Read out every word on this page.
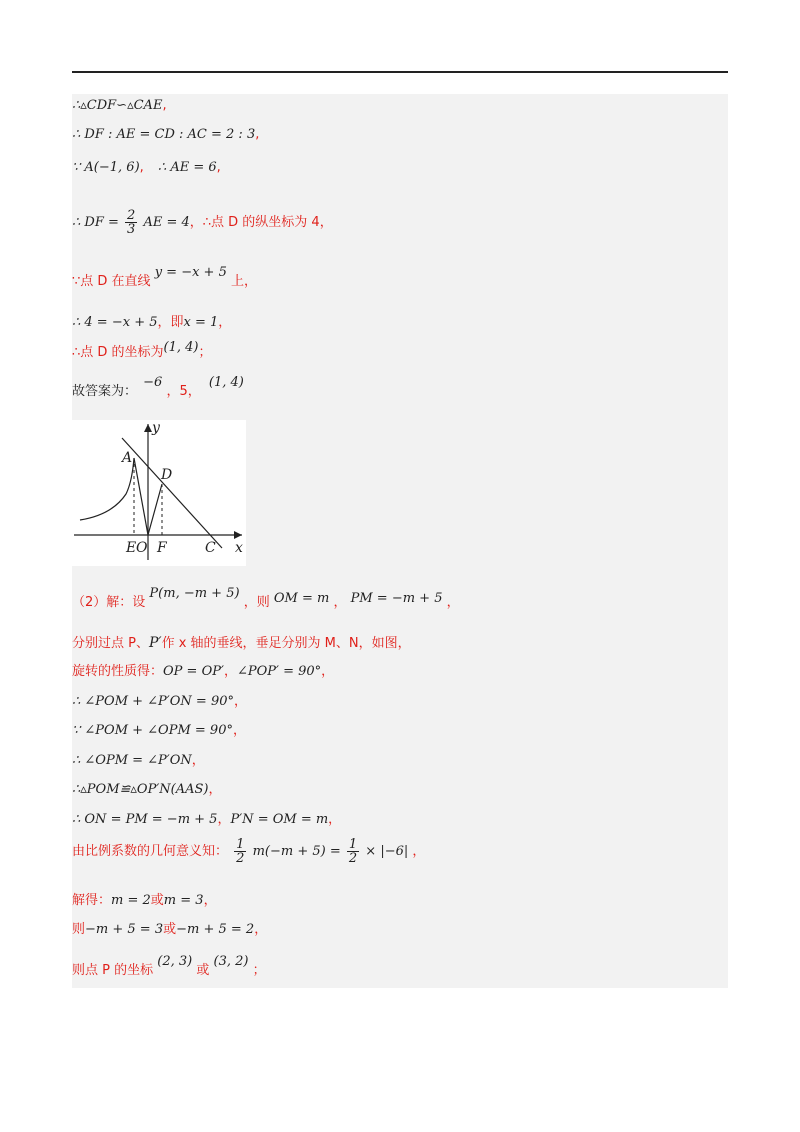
∴▵CDF∽▵CAE,
∴ DF : AE = CD : AC = 2 : 3,
∵ A(−1, 6), ∴ AE = 6,
∴ DF = $\frac{2}{3}$ AE = 4，∴点 D 的纵坐标为 4，
∵点 D 在直线 y = −x + 5 上，
∴ 4 = −x + 5，即x = 1，
∴点 D 的坐标为(1, 4)；
故答案为： −6 ，5， (1, 4)
y
x
A
D
E O F	C
（2）解：设 P(m, −m + 5) ，则 OM = m ， PM = −m + 5 ，
分别过点 P、P′作 x 轴的垂线，垂足分别为 M、N，如图，
旋转的性质得：OP = OP′，∠POP′ = 90°，
∴ ∠POM + ∠P′ON = 90°，
∵ ∠POM + ∠OPM = 90°，
∴ ∠OPM = ∠P′ON，
∴▵POM≌▵OP′N(AAS)，
∴ ON = PM = −m + 5，P′N = OM = m，
由比例系数的几何意义知： $\frac{1}{2} m(-m + 5) = \frac{1}{2} \times |-6|$ ，
解得：m = 2或m = 3，
则−m + 5 = 3或−m + 5 = 2，
则点 P 的坐标 (2, 3) 或 (3, 2) ；
